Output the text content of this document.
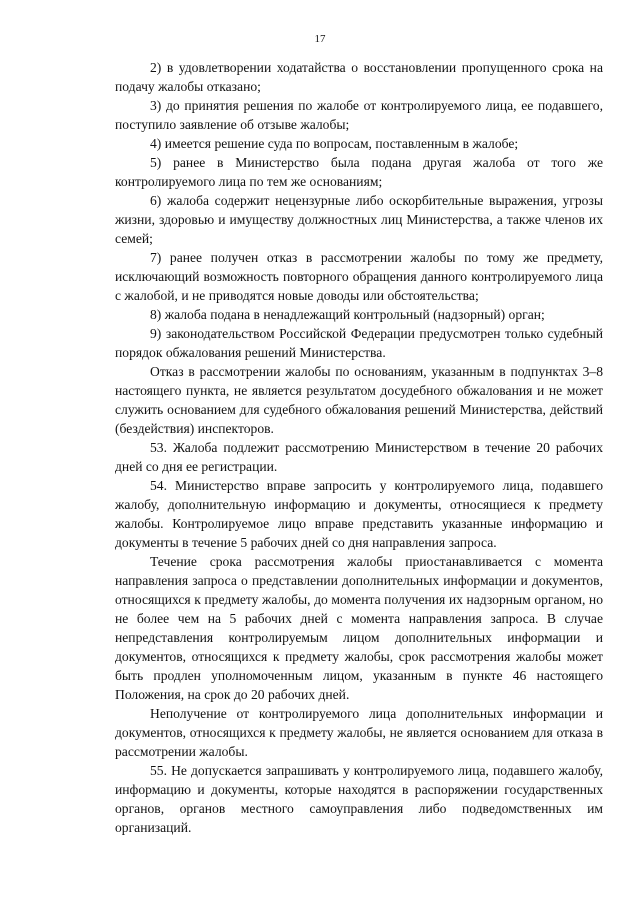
17

2) в удовлетворении ходатайства о восстановлении пропущенного срока на подачу жалобы отказано;

3) до принятия решения по жалобе от контролируемого лица, ее подавшего, поступило заявление об отзыве жалобы;

4) имеется решение суда по вопросам, поставленным в жалобе;

5) ранее в Министерство была подана другая жалоба от того же контролируемого лица по тем же основаниям;

6) жалоба содержит нецензурные либо оскорбительные выражения, угрозы жизни, здоровью и имуществу должностных лиц Министерства, а также членов их семей;

7) ранее получен отказ в рассмотрении жалобы по тому же предмету, исключающий возможность повторного обращения данного контролируемого лица с жалобой, и не приводятся новые доводы или обстоятельства;

8) жалоба подана в ненадлежащий контрольный (надзорный) орган;

9) законодательством Российской Федерации предусмотрен только судебный порядок обжалования решений Министерства.

Отказ в рассмотрении жалобы по основаниям, указанным в подпунктах 3–8 настоящего пункта, не является результатом досудебного обжалования и не может служить основанием для судебного обжалования решений Министерства, действий (бездействия) инспекторов.

53. Жалоба подлежит рассмотрению Министерством в течение 20 рабочих дней со дня ее регистрации.

54. Министерство вправе запросить у контролируемого лица, подавшего жалобу, дополнительную информацию и документы, относящиеся к предмету жалобы. Контролируемое лицо вправе представить указанные информацию и документы в течение 5 рабочих дней со дня направления запроса.

Течение срока рассмотрения жалобы приостанавливается с момента направления запроса о представлении дополнительных информации и документов, относящихся к предмету жалобы, до момента получения их надзорным органом, но не более чем на 5 рабочих дней с момента направления запроса. В случае непредставления контролируемым лицом дополнительных информации и документов, относящихся к предмету жалобы, срок рассмотрения жалобы может быть продлен уполномоченным лицом, указанным в пункте 46 настоящего Положения, на срок до 20 рабочих дней.

Неполучение от контролируемого лица дополнительных информации и документов, относящихся к предмету жалобы, не является основанием для отказа в рассмотрении жалобы.

55. Не допускается запрашивать у контролируемого лица, подавшего жалобу, информацию и документы, которые находятся в распоряжении государственных органов, органов местного самоуправления либо подведомственных им организаций.
